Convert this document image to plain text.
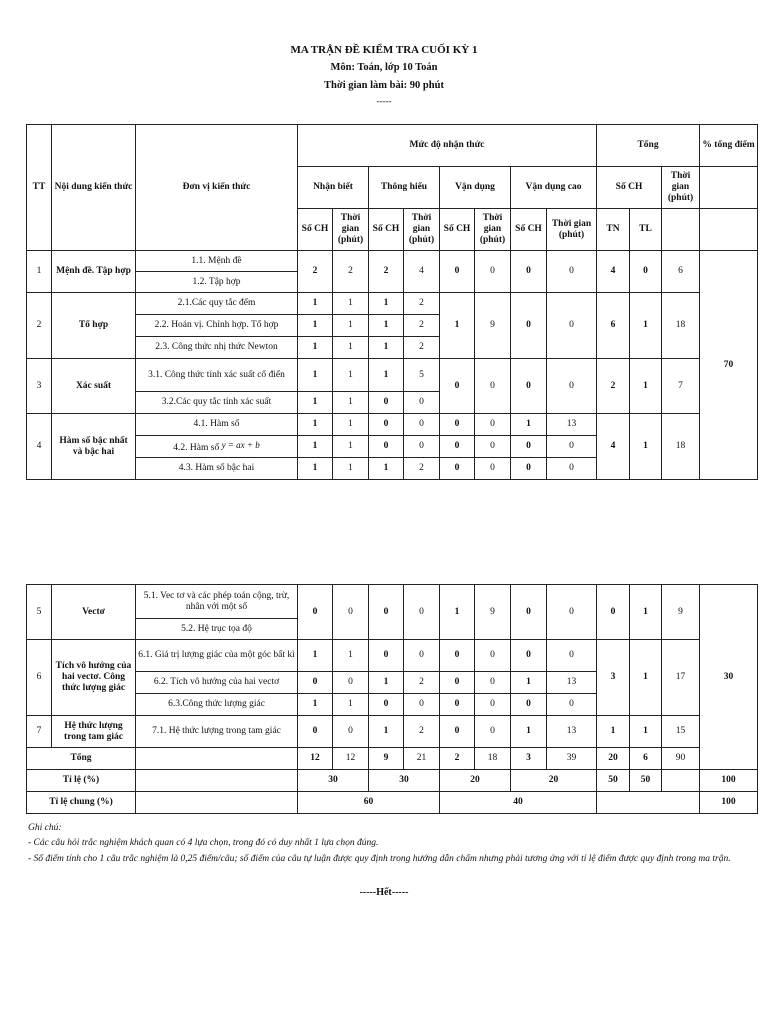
MA TRẬN ĐỀ KIỂM TRA CUỐI KỲ 1
Môn: Toán, lớp 10 Toán
Thời gian làm bài: 90 phút
-----
TT	Nội dung kiến thức	Đơn vị kiến thức	Mức độ nhận thức								Tổng			% tổng điểm
			Nhận biết		Thông hiểu		Vận dụng		Vận dụng cao		Số CH		Thời gian (phút)	
			Số CH	Thời gian (phút)	Số CH	Thời gian (phút)	Số CH	Thời gian (phút)	Số CH	Thời gian (phút)	TN	TL		
1	Mệnh đề. Tập hợp	1.1. Mệnh đề	2	2	2	4	0	0	0	0	4	0	6	70
		1.2. Tập hợp												
2	Tổ hợp	2.1.Các quy tắc đếm	1	1	1	2	1	9	0	0	6	1	18	
		2.2. Hoán vị. Chỉnh hợp. Tổ hợp	1	1	1	2								
		2.3. Công thức nhị thức Newton	1	1	1	2								
3	Xác suất	3.1. Công thức tính xác suất cổ điển	1	1	1	5	0	0	0	0	2	1	7	
		3.2.Các quy tắc tính xác suất	1	1	0	0								
4	Hàm số bậc nhất và bậc hai	4.1. Hàm số	1	1	0	0	0	0	1	13	4	1	18	
		4.2. Hàm số y = ax + b	1	1	0	0	0	0	0	0				
		4.3. Hàm số bậc hai	1	1	1	2	0	0	0	0				
5	Vectơ	5.1. Vec tơ và các phép toán cộng, trừ, nhân với một số	0	0	0	0	1	9	0	0	0	1	9	30
		5.2. Hệ trục tọa độ												
6	Tích vô hướng của hai vectơ. Công thức lượng giác	6.1. Giá trị lượng giác của một góc bất kì	1	1	0	0	0	0	0	0	3	1	17	
		6.2. Tích vô hướng của hai vectơ	0	0	1	2	0	0	1	13				
		6.3.Công thức lượng giác	1	1	0	0	0	0	0	0				
7	Hệ thức lượng trong tam giác	7.1. Hệ thức lượng trong tam giác	0	0	1	2	0	0	1	13	1	1	15	
Tổng			12	12	9	21	2	18	3	39	20	6	90	
Tỉ lệ (%)			30		30		20		20		50	50		100
Tỉ lệ chung (%)			60				40							100
Ghi chú:
- Các câu hỏi trắc nghiệm khách quan có 4 lựa chọn, trong đó có duy nhất 1 lựa chọn đúng.
- Số điểm tính cho 1 câu trắc nghiệm là 0,25 điểm/câu; số điểm của câu tự luận được quy định trong hướng dẫn chấm nhưng phải tương ứng với tỉ lệ điểm được quy định trong ma trận.
-----Hết-----
